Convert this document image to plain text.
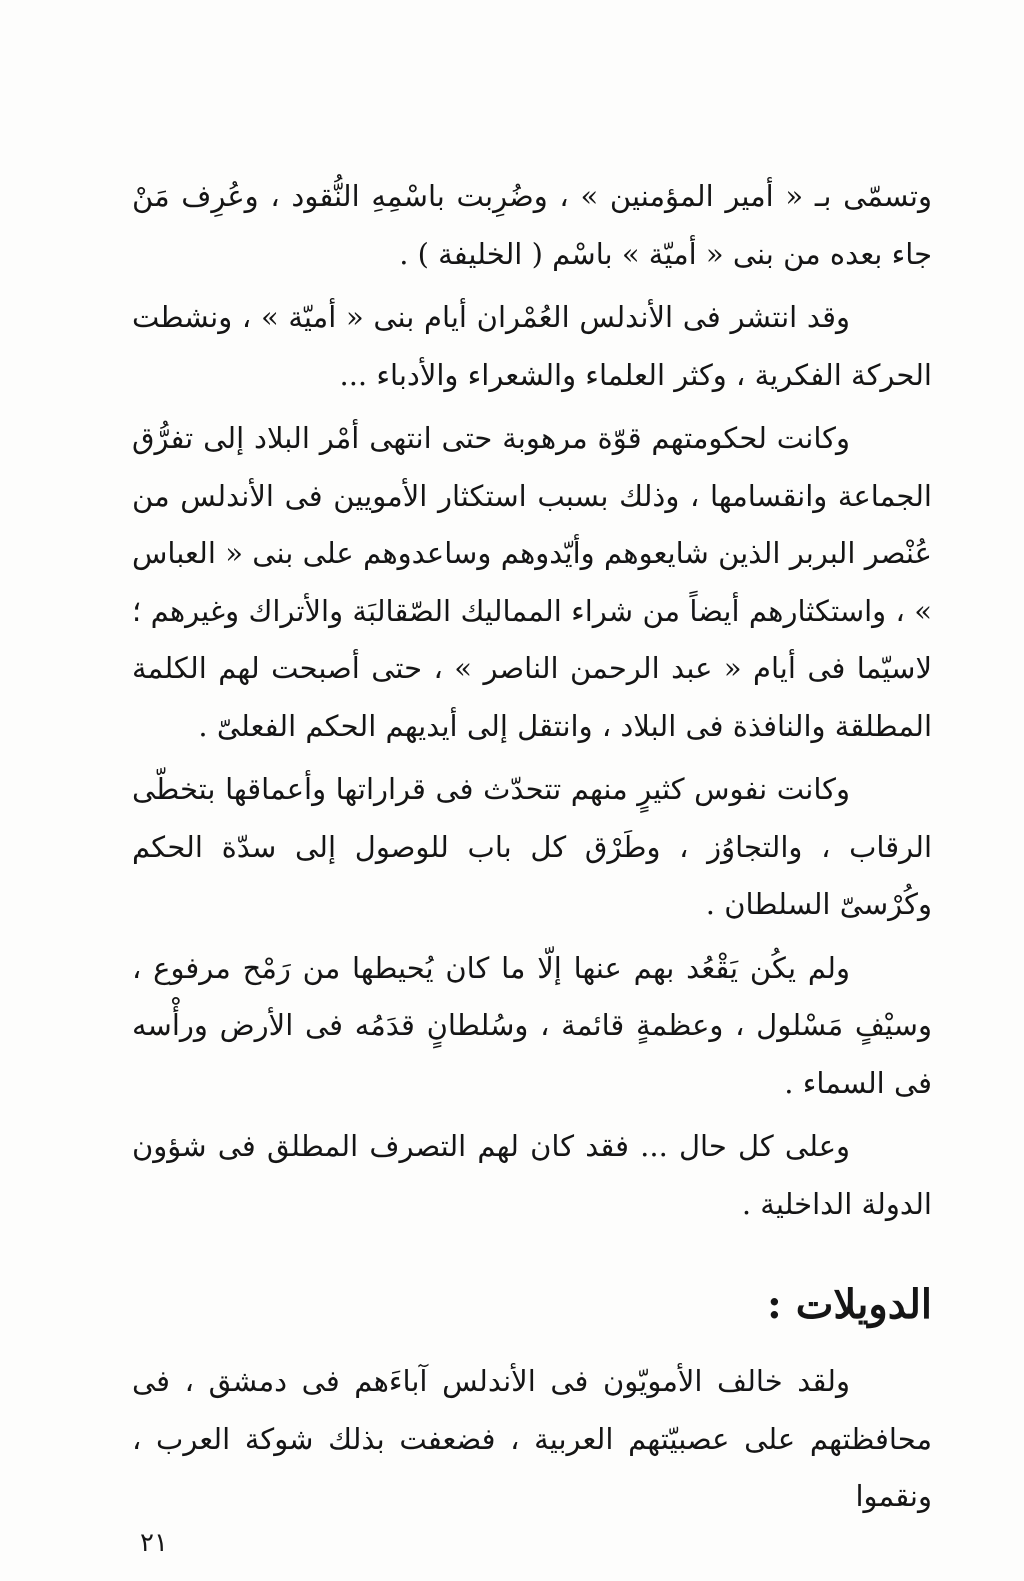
وتسمّى بـ « أمير المؤمنين » ، وضُرِبت باسْمِهِ النُّقود ، وعُرِف مَنْ جاء بعده من بنى « أميّة » باسْم ( الخليفة ) .

وقد انتشر فى الأندلس العُمْران أيام بنى « أميّة » ، ونشطت الحركة الفكرية ، وكثر العلماء والشعراء والأدباء ...

وكانت لحكومتهم قوّة مرهوبة حتى انتهى أمْر البلاد إلى تفرُّق الجماعة وانقسامها ، وذلك بسبب استكثار الأمويين فى الأندلس من عُنْصر البربر الذين شايعوهم وأيّدوهم وساعدوهم على بنى « العباس » ، واستكثارهم أيضاً من شراء المماليك الصّقالبَة والأتراك وغيرهم ؛ لاسيّما فى أيام « عبد الرحمن الناصر » ، حتى أصبحت لهم الكلمة المطلقة والنافذة فى البلاد ، وانتقل إلى أيديهم الحكم الفعلىّ .

وكانت نفوس كثيرٍ منهم تتحدّث فى قراراتها وأعماقها بتخطّى الرقاب ، والتجاوُز ، وطَرْق كل باب للوصول إلى سدّة الحكم وكُرْسىّ السلطان .

ولم يكُن يَقْعُد بهم عنها إلّا ما كان يُحيطها من رَمْح مرفوع ، وسيْفٍ مَسْلول ، وعظمةٍ قائمة ، وسُلطانٍ قدَمُه فى الأرض ورأْسه فى السماء .

وعلى كل حال ... فقد كان لهم التصرف المطلق فى شؤون الدولة الداخلية .

الدويلات :

ولقد خالف الأمويّون فى الأندلس آباءَهم فى دمشق ، فى محافظتهم على عصبيّتهم العربية ، فضعفت بذلك شوكة العرب ، ونقموا

٢١
